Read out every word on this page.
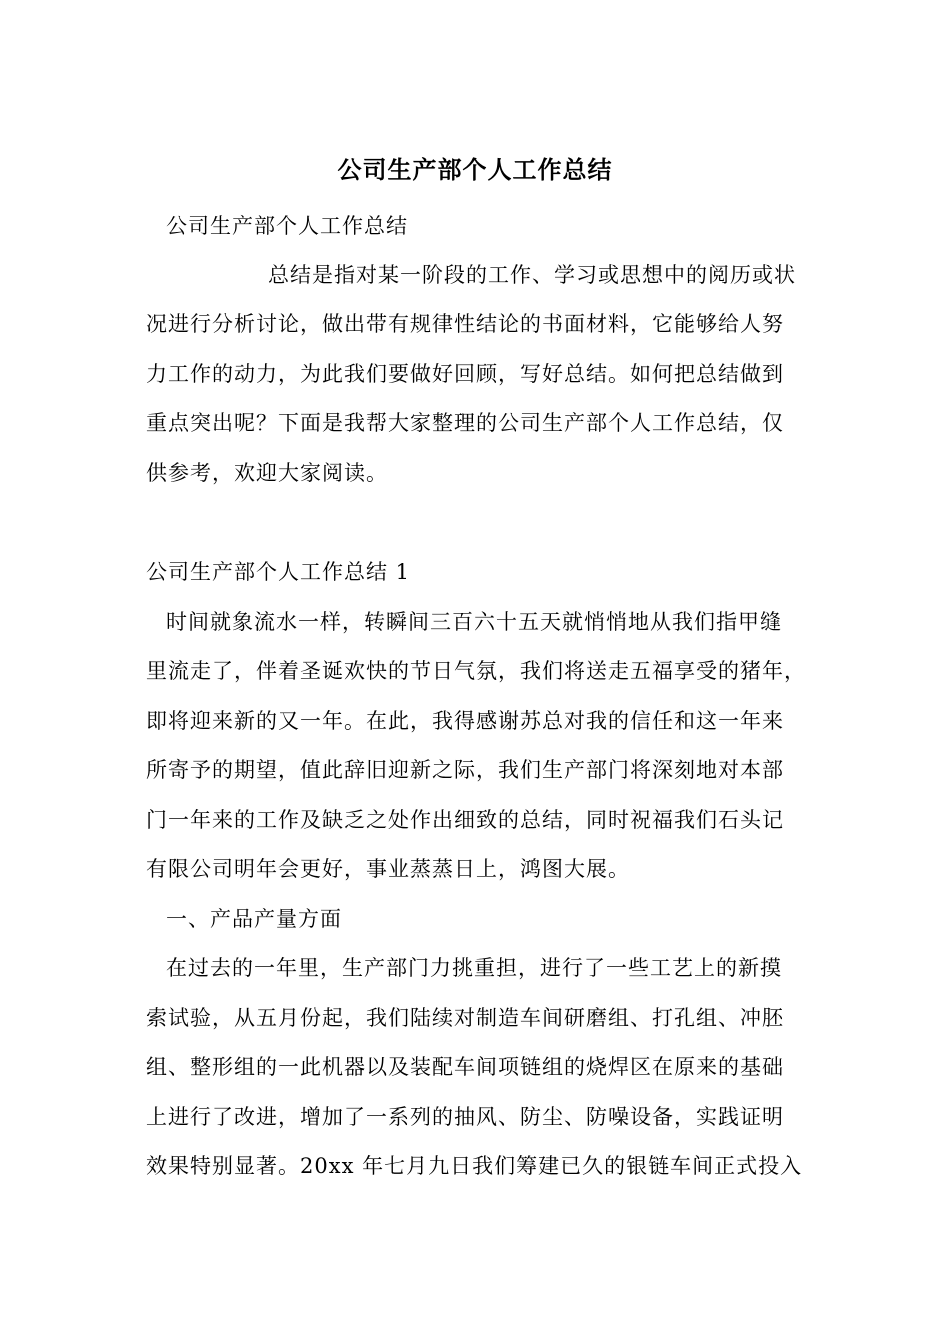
公司生产部个人工作总结
公司生产部个人工作总结
总结是指对某一阶段的工作、学习或思想中的阅历或状
况进行分析讨论，做出带有规律性结论的书面材料，它能够给人努
力工作的动力，为此我们要做好回顾，写好总结。如何把总结做到
重点突出呢？下面是我帮大家整理的公司生产部个人工作总结，仅
供参考，欢迎大家阅读。
公司生产部个人工作总结 1
时间就象流水一样，转瞬间三百六十五天就悄悄地从我们指甲缝
里流走了，伴着圣诞欢快的节日气氛，我们将送走五福享受的猪年，
即将迎来新的又一年。在此，我得感谢苏总对我的信任和这一年来
所寄予的期望，值此辞旧迎新之际，我们生产部门将深刻地对本部
门一年来的工作及缺乏之处作出细致的总结，同时祝福我们石头记
有限公司明年会更好，事业蒸蒸日上，鸿图大展。
一、产品产量方面
在过去的一年里，生产部门力挑重担，进行了一些工艺上的新摸
索试验，从五月份起，我们陆续对制造车间研磨组、打孔组、冲胚
组、整形组的一此机器以及装配车间项链组的烧焊区在原来的基础
上进行了改进，增加了一系列的抽风、防尘、防噪设备，实践证明
效果特别显著。20xx 年七月九日我们筹建已久的银链车间正式投入
